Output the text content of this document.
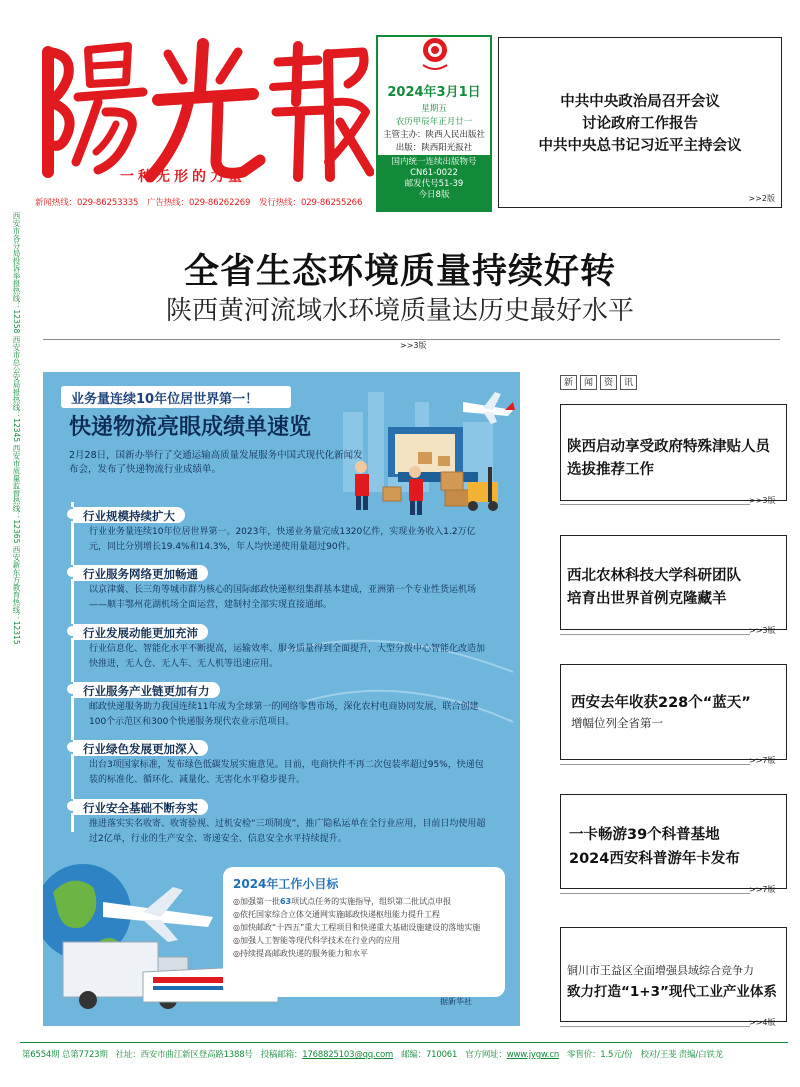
一种无形的力量
新闻热线：029-86253335 广告热线：029-86262269 发行热线：029-86255266
2024年3月1日
星期五
农历甲辰年正月廿一
主管主办：陕西人民出版社
出版：陕西阳光报社
国内统一连续出版物号
CN61-0022
邮发代号51-39
今日8版
中共中央政治局召开会议
讨论政府工作报告
中共中央总书记习近平主持会议
>>2版
西安市各分局投诉举报热线：12358 西安市总公安局报热线：12345 西安市质量监督热线：12365 西安新东方教育热线：12315	全省生态环境质量持续好转
陕西黄河流域水环境质量达历史最好水平
>>3版
业务量连续10年位居世界第一！
快递物流亮眼成绩单速览
2月28日，国新办举行了交通运输高质量发展服务中国式现代化新闻发布会，发布了快递物流行业成绩单。
行业规模持续扩大
行业业务量连续10年位居世界第一。2023年，快递业务量完成1320亿件，实现业务收入1.2万亿元，同比分别增长19.4%和14.3%，年人均快递使用量超过90件。
行业服务网络更加畅通
以京津冀、长三角等城市群为核心的国际邮政快递枢纽集群基本建成，亚洲第一个专业性货运机场——顺丰鄂州花湖机场全面运营，建制村全部实现直接通邮。
行业发展动能更加充沛
行业信息化、智能化水平不断提高，运输效率、服务质量得到全面提升，大型分拨中心智能化改造加快推进，无人仓、无人车、无人机等迅速应用。
行业服务产业链更加有力
邮政快递服务助力我国连续11年成为全球第一的网络零售市场，深化农村电商协同发展，联合创建100个示范区和300个快递服务现代农业示范项目。
行业绿色发展更加深入
出台3项国家标准，发布绿色低碳发展实施意见。目前，电商快件不再二次包装率超过95%，快递包装的标准化、循环化、减量化、无害化水平稳步提升。
行业安全基础不断夯实
推进落实实名收寄、收寄验视、过机安检“三项制度”，推广隐私运单在全行业应用，目前日均使用超过2亿单，行业的生产安全、寄递安全、信息安全水平持续提升。
2024年工作小目标
◎加强第一批63项试点任务的实施指导，组织第二批试点申报
◎依托国家综合立体交通网实施邮政快递枢纽能力提升工程
◎加快邮政“十四五”重大工程项目和快递重大基础设施建设的落地实施
◎加强人工智能等现代科学技术在行业内的应用
◎持续提高邮政快递的服务能力和水平
据新华社
新	闻	资	讯
陕西启动享受政府特殊津贴人员
选拔推荐工作
>>3版
西北农林科技大学科研团队
培育出世界首例克隆藏羊
>>3版
西安去年收获228个“蓝天”
增幅位列全省第一
>>7版
一卡畅游39个科普基地
2024西安科普游年卡发布
>>7版
铜川市王益区全面增强县域综合竞争力
致力打造“1+3”现代工业产业体系
>>4版
第6554期 总第7723期 社址：西安市曲江新区登高路1388号 投稿邮箱：1768825103@qq.com 邮编：710061 官方网址：www.jygw.cn 零售价：1.5元/份 校对/王斐 责编/白铁龙
